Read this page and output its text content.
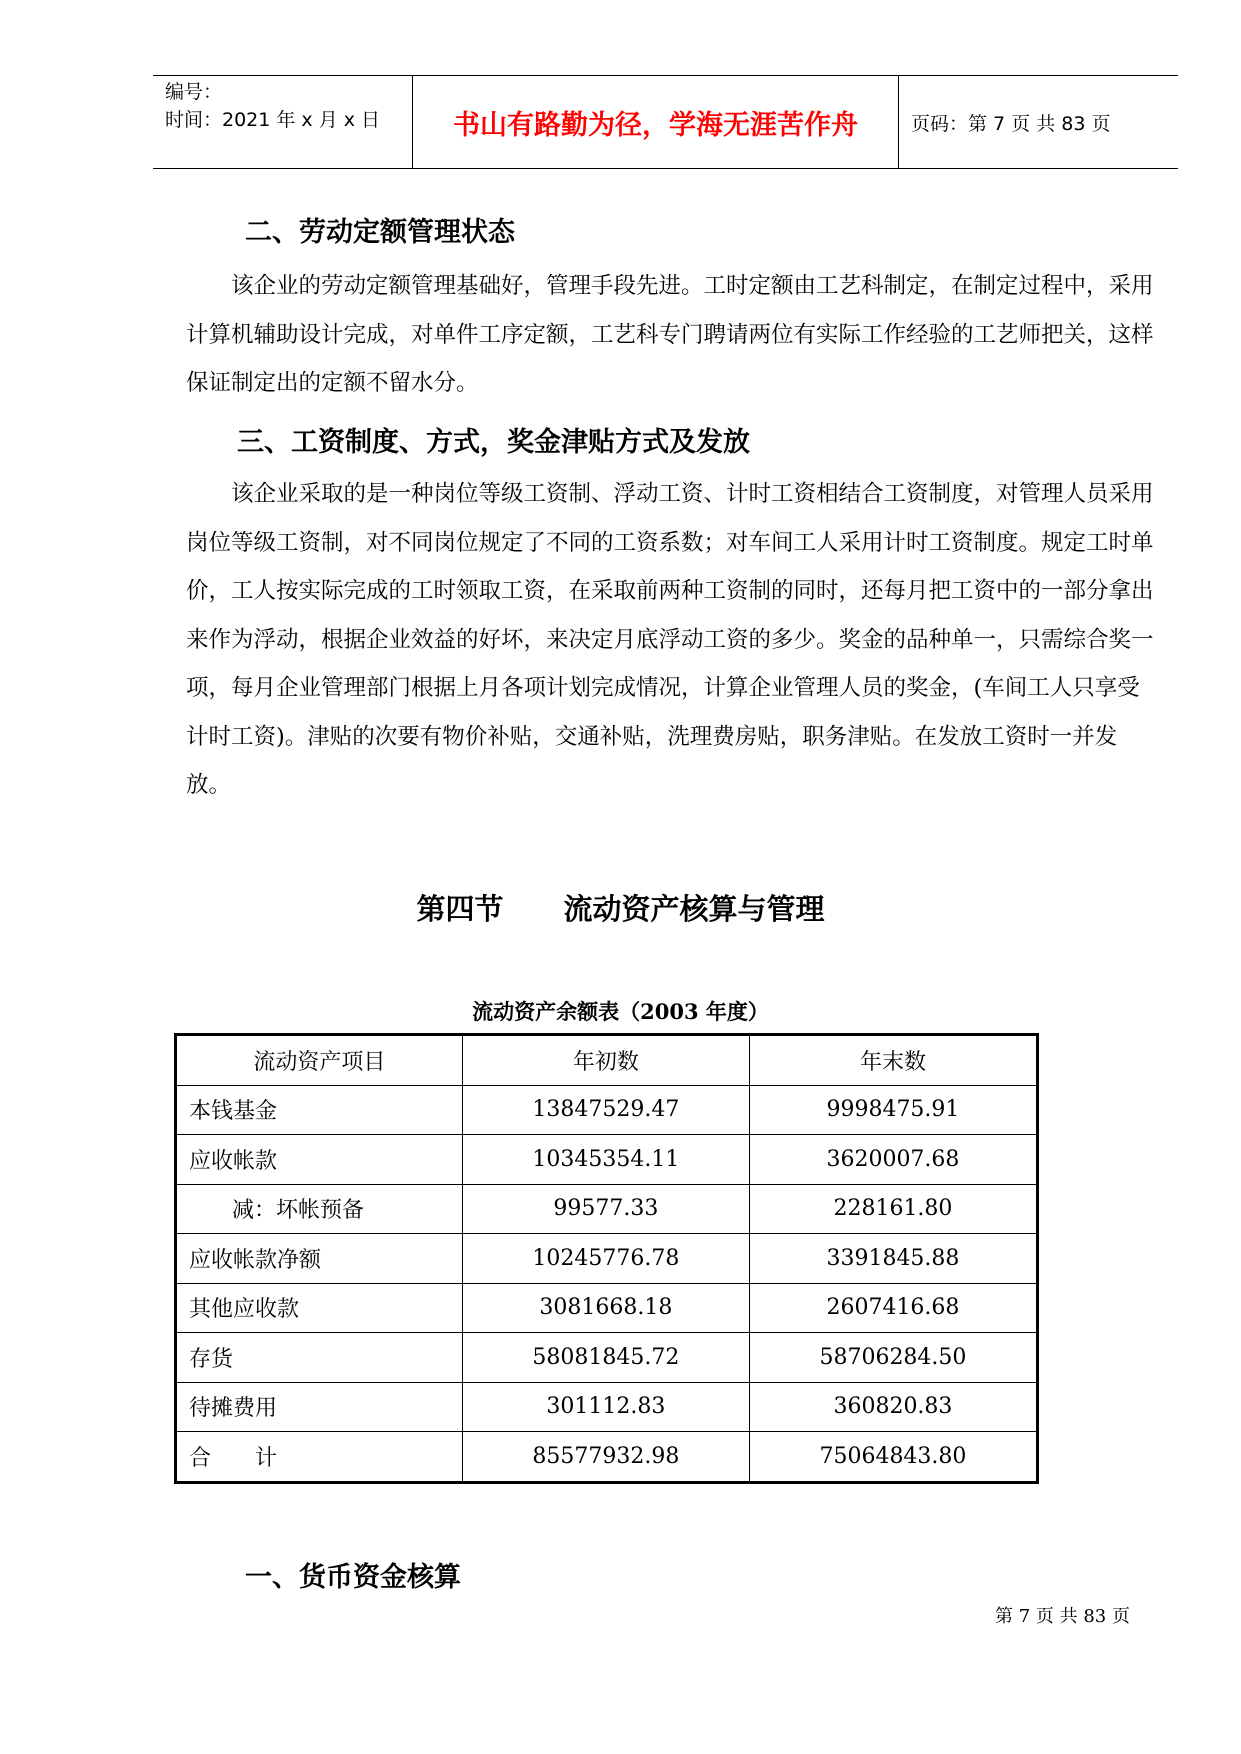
编号：
时间：2021 年 x 月 x 日	书山有路勤为径，学海无涯苦作舟	页码：第 7 页 共 83 页
二、劳动定额管理状态

该企业的劳动定额管理基础好，管理手段先进。工时定额由工艺科制定，在制定过程中，采用计算机辅助设计完成，对单件工序定额，工艺科专门聘请两位有实际工作经验的工艺师把关，这样保证制定出的定额不留水分。

三、工资制度、方式，奖金津贴方式及发放

该企业采取的是一种岗位等级工资制、浮动工资、计时工资相结合工资制度，对管理人员采用岗位等级工资制，对不同岗位规定了不同的工资系数；对车间工人采用计时工资制度。规定工时单价，工人按实际完成的工时领取工资，在采取前两种工资制的同时，还每月把工资中的一部分拿出来作为浮动，根据企业效益的好坏，来决定月底浮动工资的多少。奖金的品种单一，只需综合奖一项，每月企业管理部门根据上月各项计划完成情况，计算企业管理人员的奖金，(车间工人只享受计时工资)。津贴的次要有物价补贴，交通补贴，洗理费房贴，职务津贴。在发放工资时一并发放。

第四节 流动资产核算与管理
流动资产余额表（2003 年度）
流动资产项目	年初数	年末数
本钱基金	13847529.47	9998475.91
应收帐款	10345354.11	3620007.68
减：坏帐预备	99577.33	228161.80
应收帐款净额	10245776.78	3391845.88
其他应收款	3081668.18	2607416.68
存货	58081845.72	58706284.50
待摊费用	301112.83	360820.83
合　　计	85577932.98	75064843.80
一、货币资金核算
第 7 页 共 83 页
